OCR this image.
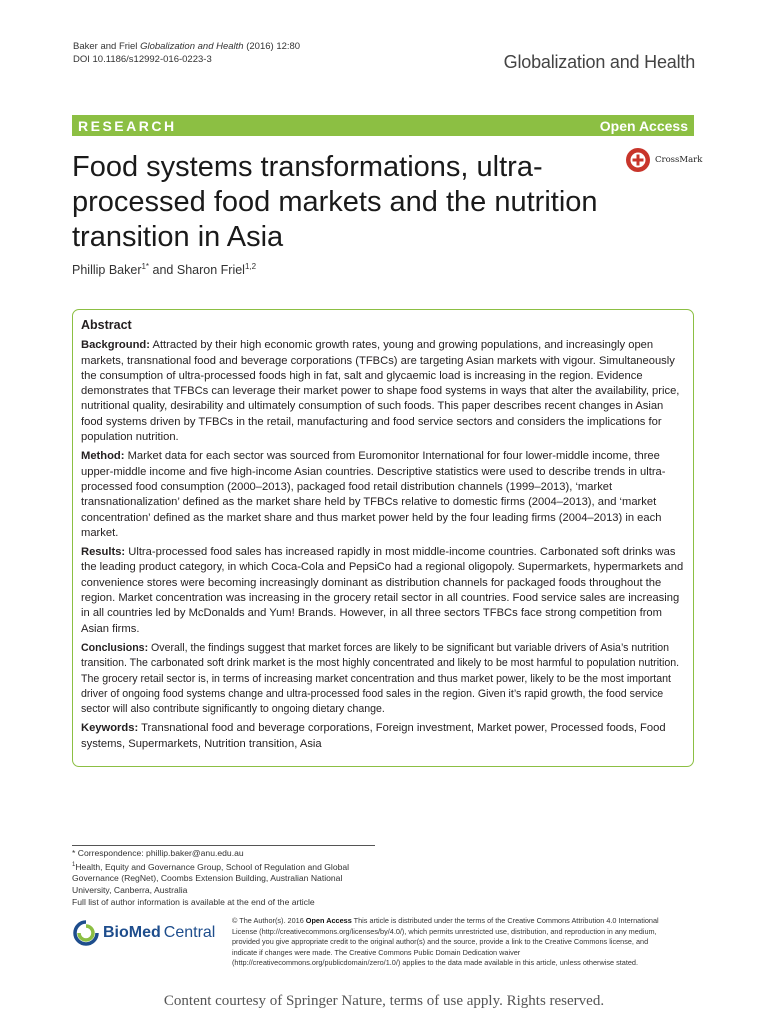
Baker and Friel Globalization and Health (2016) 12:80
DOI 10.1186/s12992-016-0223-3	Globalization and Health
RESEARCH	Open Access
Food systems transformations, ultra-processed food markets and the nutrition transition in Asia
CrossMark
Phillip Baker$^{1*}$ and Sharon Friel$^{1,2}$
Abstract

Background: Attracted by their high economic growth rates, young and growing populations, and increasingly open markets, transnational food and beverage corporations (TFBCs) are targeting Asian markets with vigour. Simultaneously the consumption of ultra-processed foods high in fat, salt and glycaemic load is increasing in the region. Evidence demonstrates that TFBCs can leverage their market power to shape food systems in ways that alter the availability, price, nutritional quality, desirability and ultimately consumption of such foods. This paper describes recent changes in Asian food systems driven by TFBCs in the retail, manufacturing and food service sectors and considers the implications for population nutrition.

Method: Market data for each sector was sourced from Euromonitor International for four lower-middle income, three upper-middle income and five high-income Asian countries. Descriptive statistics were used to describe trends in ultra-processed food consumption (2000–2013), packaged food retail distribution channels (1999–2013), ‘market transnationalization’ defined as the market share held by TFBCs relative to domestic firms (2004–2013), and ‘market concentration’ defined as the market share and thus market power held by the four leading firms (2004–2013) in each market.

Results: Ultra-processed food sales has increased rapidly in most middle-income countries. Carbonated soft drinks was the leading product category, in which Coca-Cola and PepsiCo had a regional oligopoly. Supermarkets, hypermarkets and convenience stores were becoming increasingly dominant as distribution channels for packaged foods throughout the region. Market concentration was increasing in the grocery retail sector in all countries. Food service sales are increasing in all countries led by McDonalds and Yum! Brands. However, in all three sectors TFBCs face strong competition from Asian firms.

Conclusions: Overall, the findings suggest that market forces are likely to be significant but variable drivers of Asia’s nutrition transition. The carbonated soft drink market is the most highly concentrated and likely to be most harmful to population nutrition. The grocery retail sector is, in terms of increasing market concentration and thus market power, likely to be the most important driver of ongoing food systems change and ultra-processed food sales in the region. Given it’s rapid growth, the food service sector will also contribute significantly to ongoing dietary change.

Keywords: Transnational food and beverage corporations, Foreign investment, Market power, Processed foods, Food systems, Supermarkets, Nutrition transition, Asia

* Correspondence: phillip.baker@anu.edu.au

$^1$Health, Equity and Governance Group, School of Regulation and Global Governance (RegNet), Coombs Extension Building, Australian National University, Canberra, Australia

Full list of author information is available at the end of the article

BioMed Central
© The Author(s). 2016 Open Access This article is distributed under the terms of the Creative Commons Attribution 4.0 International License (http://creativecommons.org/licenses/by/4.0/), which permits unrestricted use, distribution, and reproduction in any medium, provided you give appropriate credit to the original author(s) and the source, provide a link to the Creative Commons license, and indicate if changes were made. The Creative Commons Public Domain Dedication waiver (http://creativecommons.org/publicdomain/zero/1.0/) applies to the data made available in this article, unless otherwise stated.
Content courtesy of Springer Nature, terms of use apply. Rights reserved.
